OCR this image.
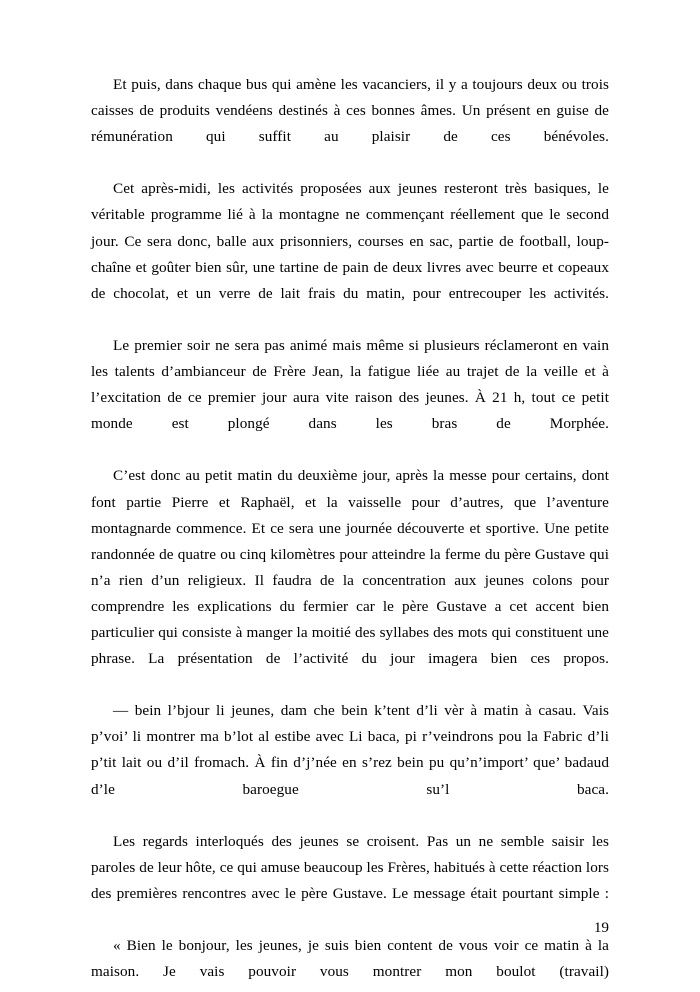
Et puis, dans chaque bus qui amène les vacanciers, il y a toujours deux ou trois caisses de produits vendéens destinés à ces bonnes âmes. Un présent en guise de rémunération qui suffit au plaisir de ces bénévoles.

Cet après-midi, les activités proposées aux jeunes resteront très basiques, le véritable programme lié à la montagne ne commençant réellement que le second jour. Ce sera donc, balle aux prisonniers, courses en sac, partie de football, loup-chaîne et goûter bien sûr, une tartine de pain de deux livres avec beurre et copeaux de chocolat, et un verre de lait frais du matin, pour entrecouper les activités.

Le premier soir ne sera pas animé mais même si plusieurs réclameront en vain les talents d’ambianceur de Frère Jean, la fatigue liée au trajet de la veille et à l’excitation de ce premier jour aura vite raison des jeunes. À 21 h, tout ce petit monde est plongé dans les bras de Morphée.

C’est donc au petit matin du deuxième jour, après la messe pour certains, dont font partie Pierre et Raphaël, et la vaisselle pour d’autres, que l’aventure montagnarde commence. Et ce sera une journée découverte et sportive. Une petite randonnée de quatre ou cinq kilomètres pour atteindre la ferme du père Gustave qui n’a rien d’un religieux. Il faudra de la concentration aux jeunes colons pour comprendre les explications du fermier car le père Gustave a cet accent bien particulier qui consiste à manger la moitié des syllabes des mots qui constituent une phrase. La présentation de l’activité du jour imagera bien ces propos.

— bein l’bjour li jeunes, dam che bein k’tent d’li vèr à matin à casau. Vais p’voi’ li montrer ma b’lot al estibe avec Li baca, pi r’veindrons pou la Fabric d’li p’tit lait ou d’il fromach. À fin d’j’née en s’rez bein pu qu’n’import’ que’ badaud d’le baroegue su’l baca.

Les regards interloqués des jeunes se croisent. Pas un ne semble saisir les paroles de leur hôte, ce qui amuse beaucoup les Frères, habitués à cette réaction lors des premières rencontres avec le père Gustave. Le message était pourtant simple :

« Bien le bonjour, les jeunes, je suis bien content de vous voir ce matin à la maison. Je vais pouvoir vous montrer mon boulot (travail)

19
